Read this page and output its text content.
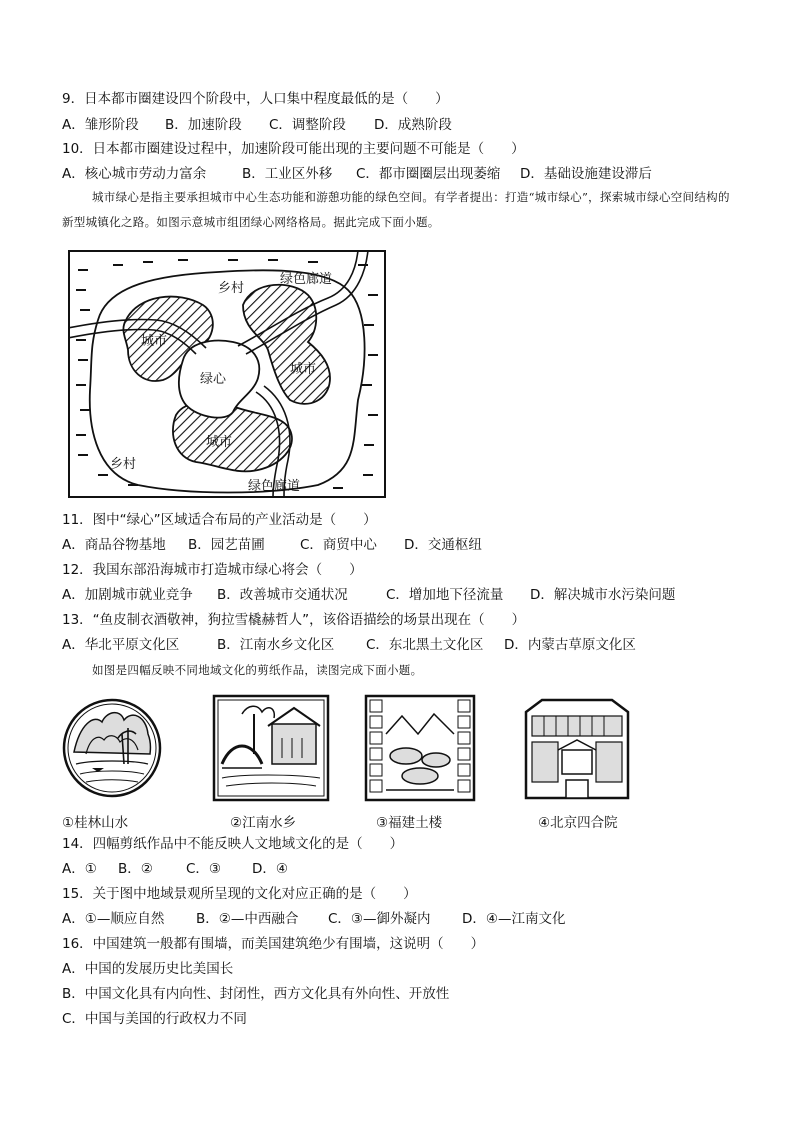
9．日本都市圈建设四个阶段中，人口集中程度最低的是（　　）
A．雏形阶段 B．加速阶段 C．调整阶段 D．成熟阶段
10．日本都市圈建设过程中，加速阶段可能出现的主要问题不可能是（　　）
A．核心城市劳动力富余	B．工业区外移 C．都市圈圈层出现萎缩 D．基础设施建设滞后
城市绿心是指主要承担城市中心生态功能和游憩功能的绿色空间。有学者提出：打造“城市绿心”，探索城市绿心空间结构的新型城镇化之路。如图示意城市组团绿心网络格局。据此完成下面小题。
乡村
绿色廊道
城市
绿心
城市
城市
乡村
绿色廊道
11．图中“绿心”区域适合布局的产业活动是（　　）
A．商品谷物基地 B．园艺苗圃	C．商贸中心 D．交通枢纽
12．我国东部沿海城市打造城市绿心将会（　　）
A．加剧城市就业竞争 B．改善城市交通状况	C．增加地下径流量 D．解决城市水污染问题
13．“鱼皮制衣酒敬神，狗拉雪橇赫哲人”，该俗语描绘的场景出现在（　　）
A．华北平原文化区	B．江南水乡文化区 C．东北黑土文化区 D．内蒙古草原文化区
如图是四幅反映不同地域文化的剪纸作品，读图完成下面小题。
①桂林山水	②江南水乡	③福建土楼	④北京四合院
14．四幅剪纸作品中不能反映人文地域文化的是（　　）
A．① B．② C．③ D．④
15．关于图中地域景观所呈现的文化对应正确的是（　　）
A．①—顺应自然 B．②—中西融合 C．③—御外凝内 D．④—江南文化
16．中国建筑一般都有围墙，而美国建筑绝少有围墙，这说明（　　）
A．中国的发展历史比美国长
B．中国文化具有内向性、封闭性，西方文化具有外向性、开放性
C．中国与美国的行政权力不同
